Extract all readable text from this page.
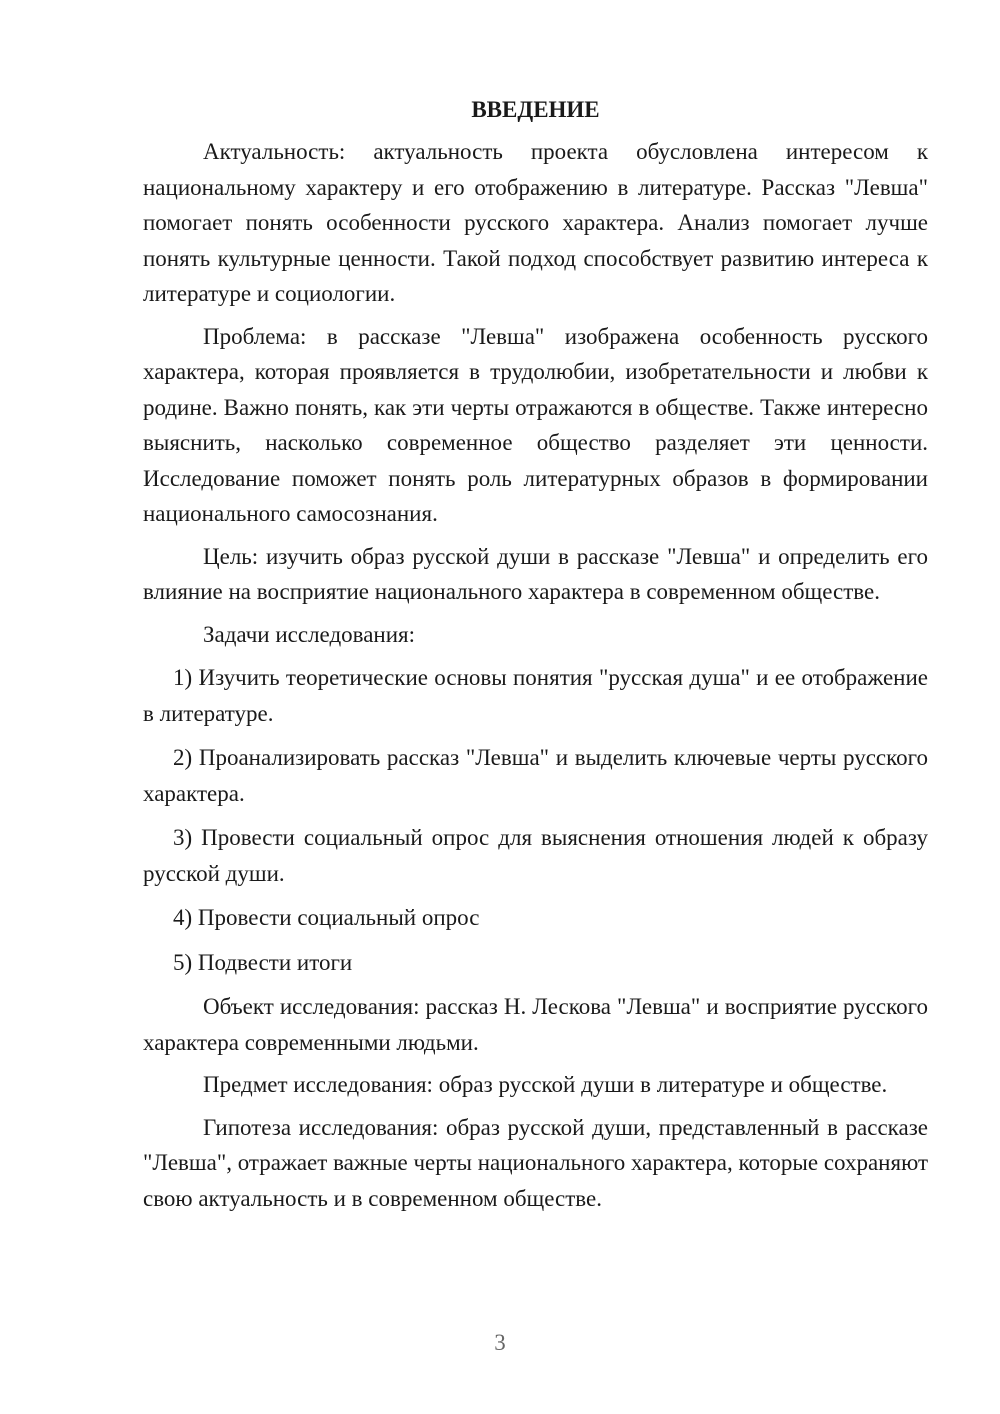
ВВЕДЕНИЕ

Актуальность: актуальность проекта обусловлена интересом к национальному характеру и его отображению в литературе. Рассказ "Левша" помогает понять особенности русского характера. Анализ помогает лучше понять культурные ценности. Такой подход способствует развитию интереса к литературе и социологии.

Проблема: в рассказе "Левша" изображена особенность русского характера, которая проявляется в трудолюбии, изобретательности и любви к родине. Важно понять, как эти черты отражаются в обществе. Также интересно выяснить, насколько современное общество разделяет эти ценности. Исследование поможет понять роль литературных образов в формировании национального самосознания.

Цель: изучить образ русской души в рассказе "Левша" и определить его влияние на восприятие национального характера в современном обществе.

Задачи исследования:

1) Изучить теоретические основы понятия "русская душа" и ее отображение в литературе.

2) Проанализировать рассказ "Левша" и выделить ключевые черты русского характера.

3) Провести социальный опрос для выяснения отношения людей к образу русской души.

4) Провести социальный опрос

5) Подвести итоги

Объект исследования: рассказ Н. Лескова "Левша" и восприятие русского характера современными людьми.

Предмет исследования: образ русской души в литературе и обществе.

Гипотеза исследования: образ русской души, представленный в рассказе "Левша", отражает важные черты национального характера, которые сохраняют свою актуальность и в современном обществе.

3
